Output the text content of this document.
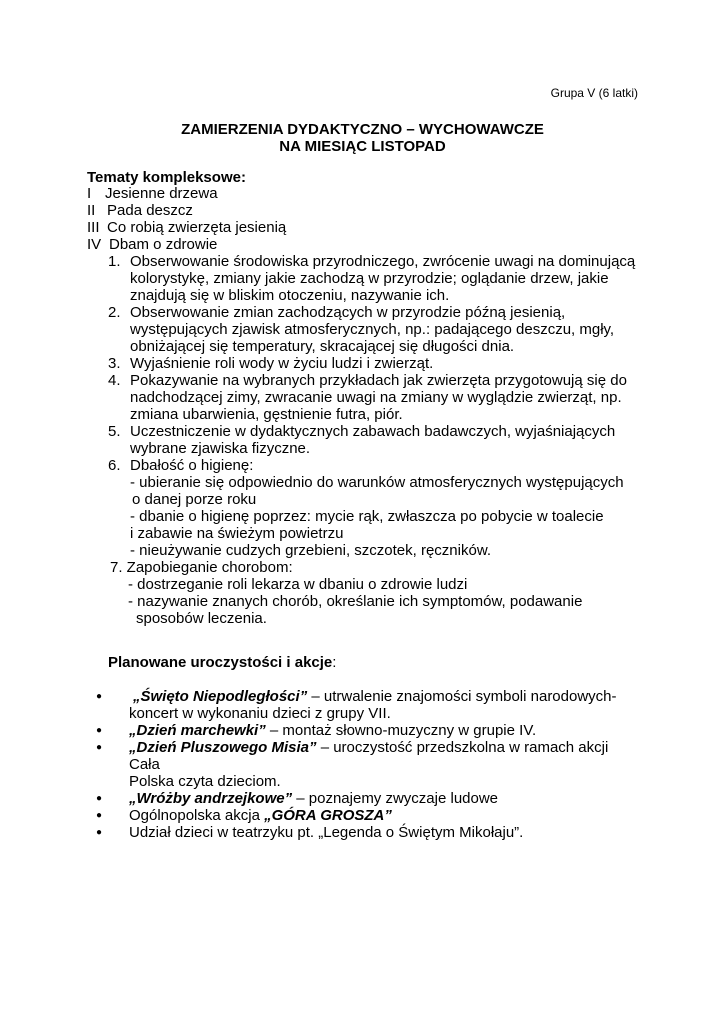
Grupa V (6 latki)
ZAMIERZENIA DYDAKTYCZNO – WYCHOWAWCZE
NA MIESIĄC LISTOPAD
Tematy kompleksowe:
I Jesienne drzewa
II Pada deszcz
III Co robią zwierzęta jesienią
IV Dbam o zdrowie
1. Obserwowanie środowiska przyrodniczego, zwrócenie uwagi na dominującą
kolorystykę, zmiany jakie zachodzą w przyrodzie; oglądanie drzew, jakie
znajdują się w bliskim otoczeniu, nazywanie ich.
2. Obserwowanie zmian zachodzących w przyrodzie późną jesienią,
występujących zjawisk atmosferycznych, np.: padającego deszczu, mgły,
obniżającej się temperatury, skracającej się długości dnia.
3. Wyjaśnienie roli wody w życiu ludzi i zwierząt.
4. Pokazywanie na wybranych przykładach jak zwierzęta przygotowują się do
nadchodzącej zimy, zwracanie uwagi na zmiany w wyglądzie zwierząt, np.
zmiana ubarwienia, gęstnienie futra, piór.
5. Uczestniczenie w dydaktycznych zabawach badawczych, wyjaśniających
wybrane zjawiska fizyczne.
6. Dbałość o higienę:
- ubieranie się odpowiednio do warunków atmosferycznych występujących
o danej porze roku
- dbanie o higienę poprzez: mycie rąk, zwłaszcza po pobycie w toalecie
i zabawie na świeżym powietrzu
- nieużywanie cudzych grzebieni, szczotek, ręczników.
7. Zapobieganie chorobom:
- dostrzeganie roli lekarza w dbaniu o zdrowie ludzi
- nazywanie znanych chorób, określanie ich symptomów, podawanie
sposobów leczenia.
Planowane uroczystości i akcje:
● „Święto Niepodległości” – utrwalenie znajomości symboli narodowych-
koncert w wykonaniu dzieci z grupy VII.
● „Dzień marchewki” – montaż słowno-muzyczny w grupie IV.
● „Dzień Pluszowego Misia” – uroczystość przedszkolna w ramach akcji Cała
Polska czyta dzieciom.
● „Wróżby andrzejkowe” – poznajemy zwyczaje ludowe
● Ogólnopolska akcja „GÓRA GROSZA”
● Udział dzieci w teatrzyku pt. „Legenda o Świętym Mikołaju”.
